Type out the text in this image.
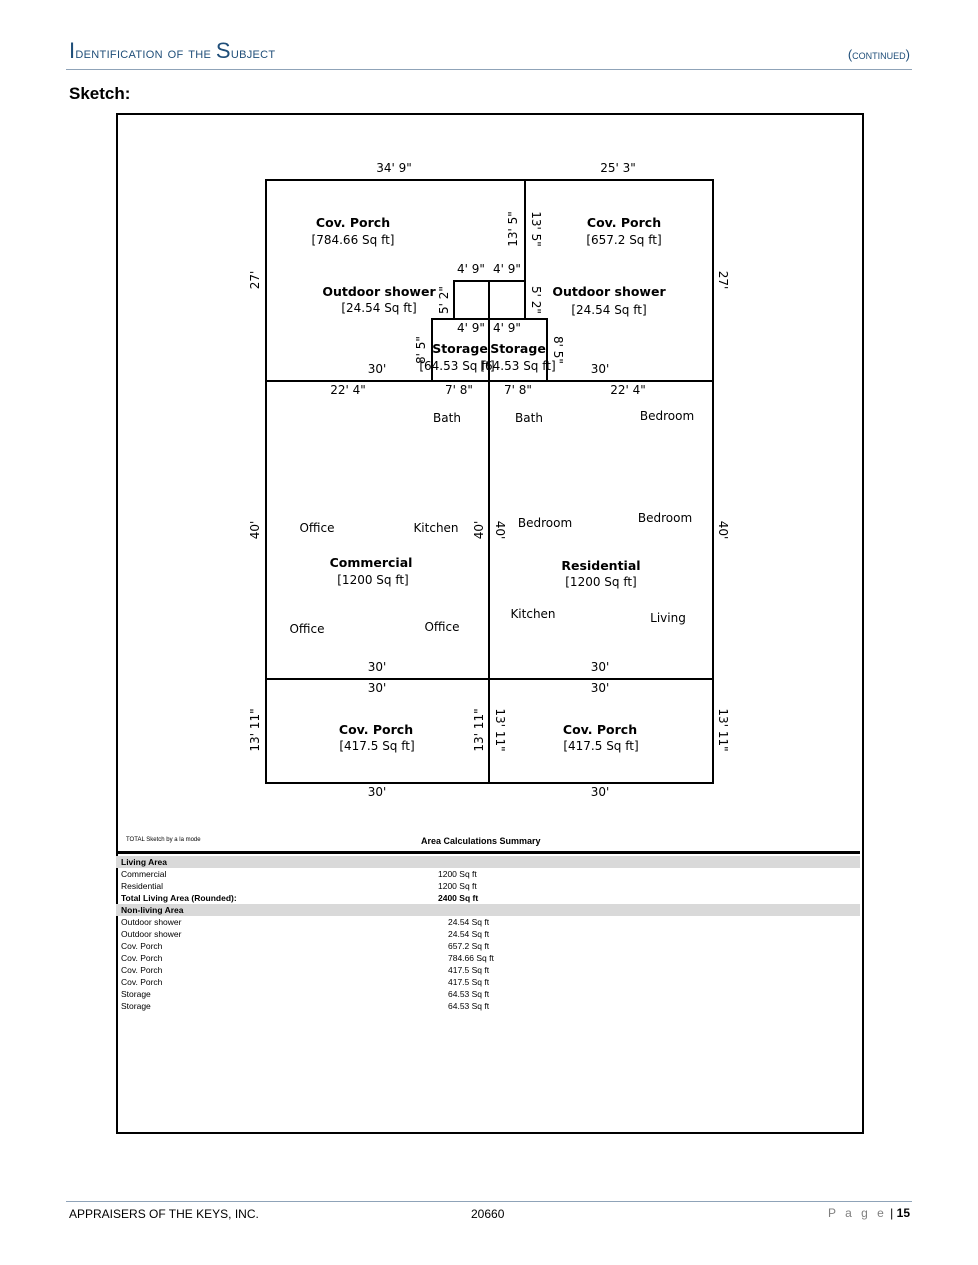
Identification of the Subject	(continued)
Sketch:
34' 9"	25' 3"
27'	27'
13' 5" 13' 5"
Cov. Porch
[784.66 Sq ft]
Cov. Porch
[657.2 Sq ft]
4' 9" 4' 9"
5' 2"	5' 2"
Outdoor shower
[24.54 Sq ft]
Outdoor shower
[24.54 Sq ft]
4' 9" 4' 9"
8' 5"	8' 5"
Storage Storage
[64.53 Sq ft]
[64.53 Sq ft]
30'	30'
22' 4"	7' 8"	7' 8"	22' 4"
Bath	Bath	Bedroom
40'	40' 40'	40'
Office	Kitchen	Bedroom	Bedroom
Commercial
[1200 Sq ft]
Residential
[1200 Sq ft]
Office	Office
Kitchen	Living
30'	30'
30'	30'
13' 11"	13' 11" 13' 11"	13' 11"
Cov. Porch
[417.5 Sq ft]
Cov. Porch
[417.5 Sq ft]
30'	30'
TOTAL Sketch by a la mode	Area Calculations Summary
Living Area
Commercial	1200 Sq ft
Residential	1200 Sq ft
Total Living Area (Rounded):	2400 Sq ft
Non-living Area
Outdoor shower	24.54 Sq ft
Outdoor shower	24.54 Sq ft
Cov. Porch	657.2 Sq ft
Cov. Porch	784.66 Sq ft
Cov. Porch	417.5 Sq ft
Cov. Porch	417.5 Sq ft
Storage	64.53 Sq ft
Storage	64.53 Sq ft
APPRAISERS OF THE KEYS, INC.	20660	P a g e | 15
